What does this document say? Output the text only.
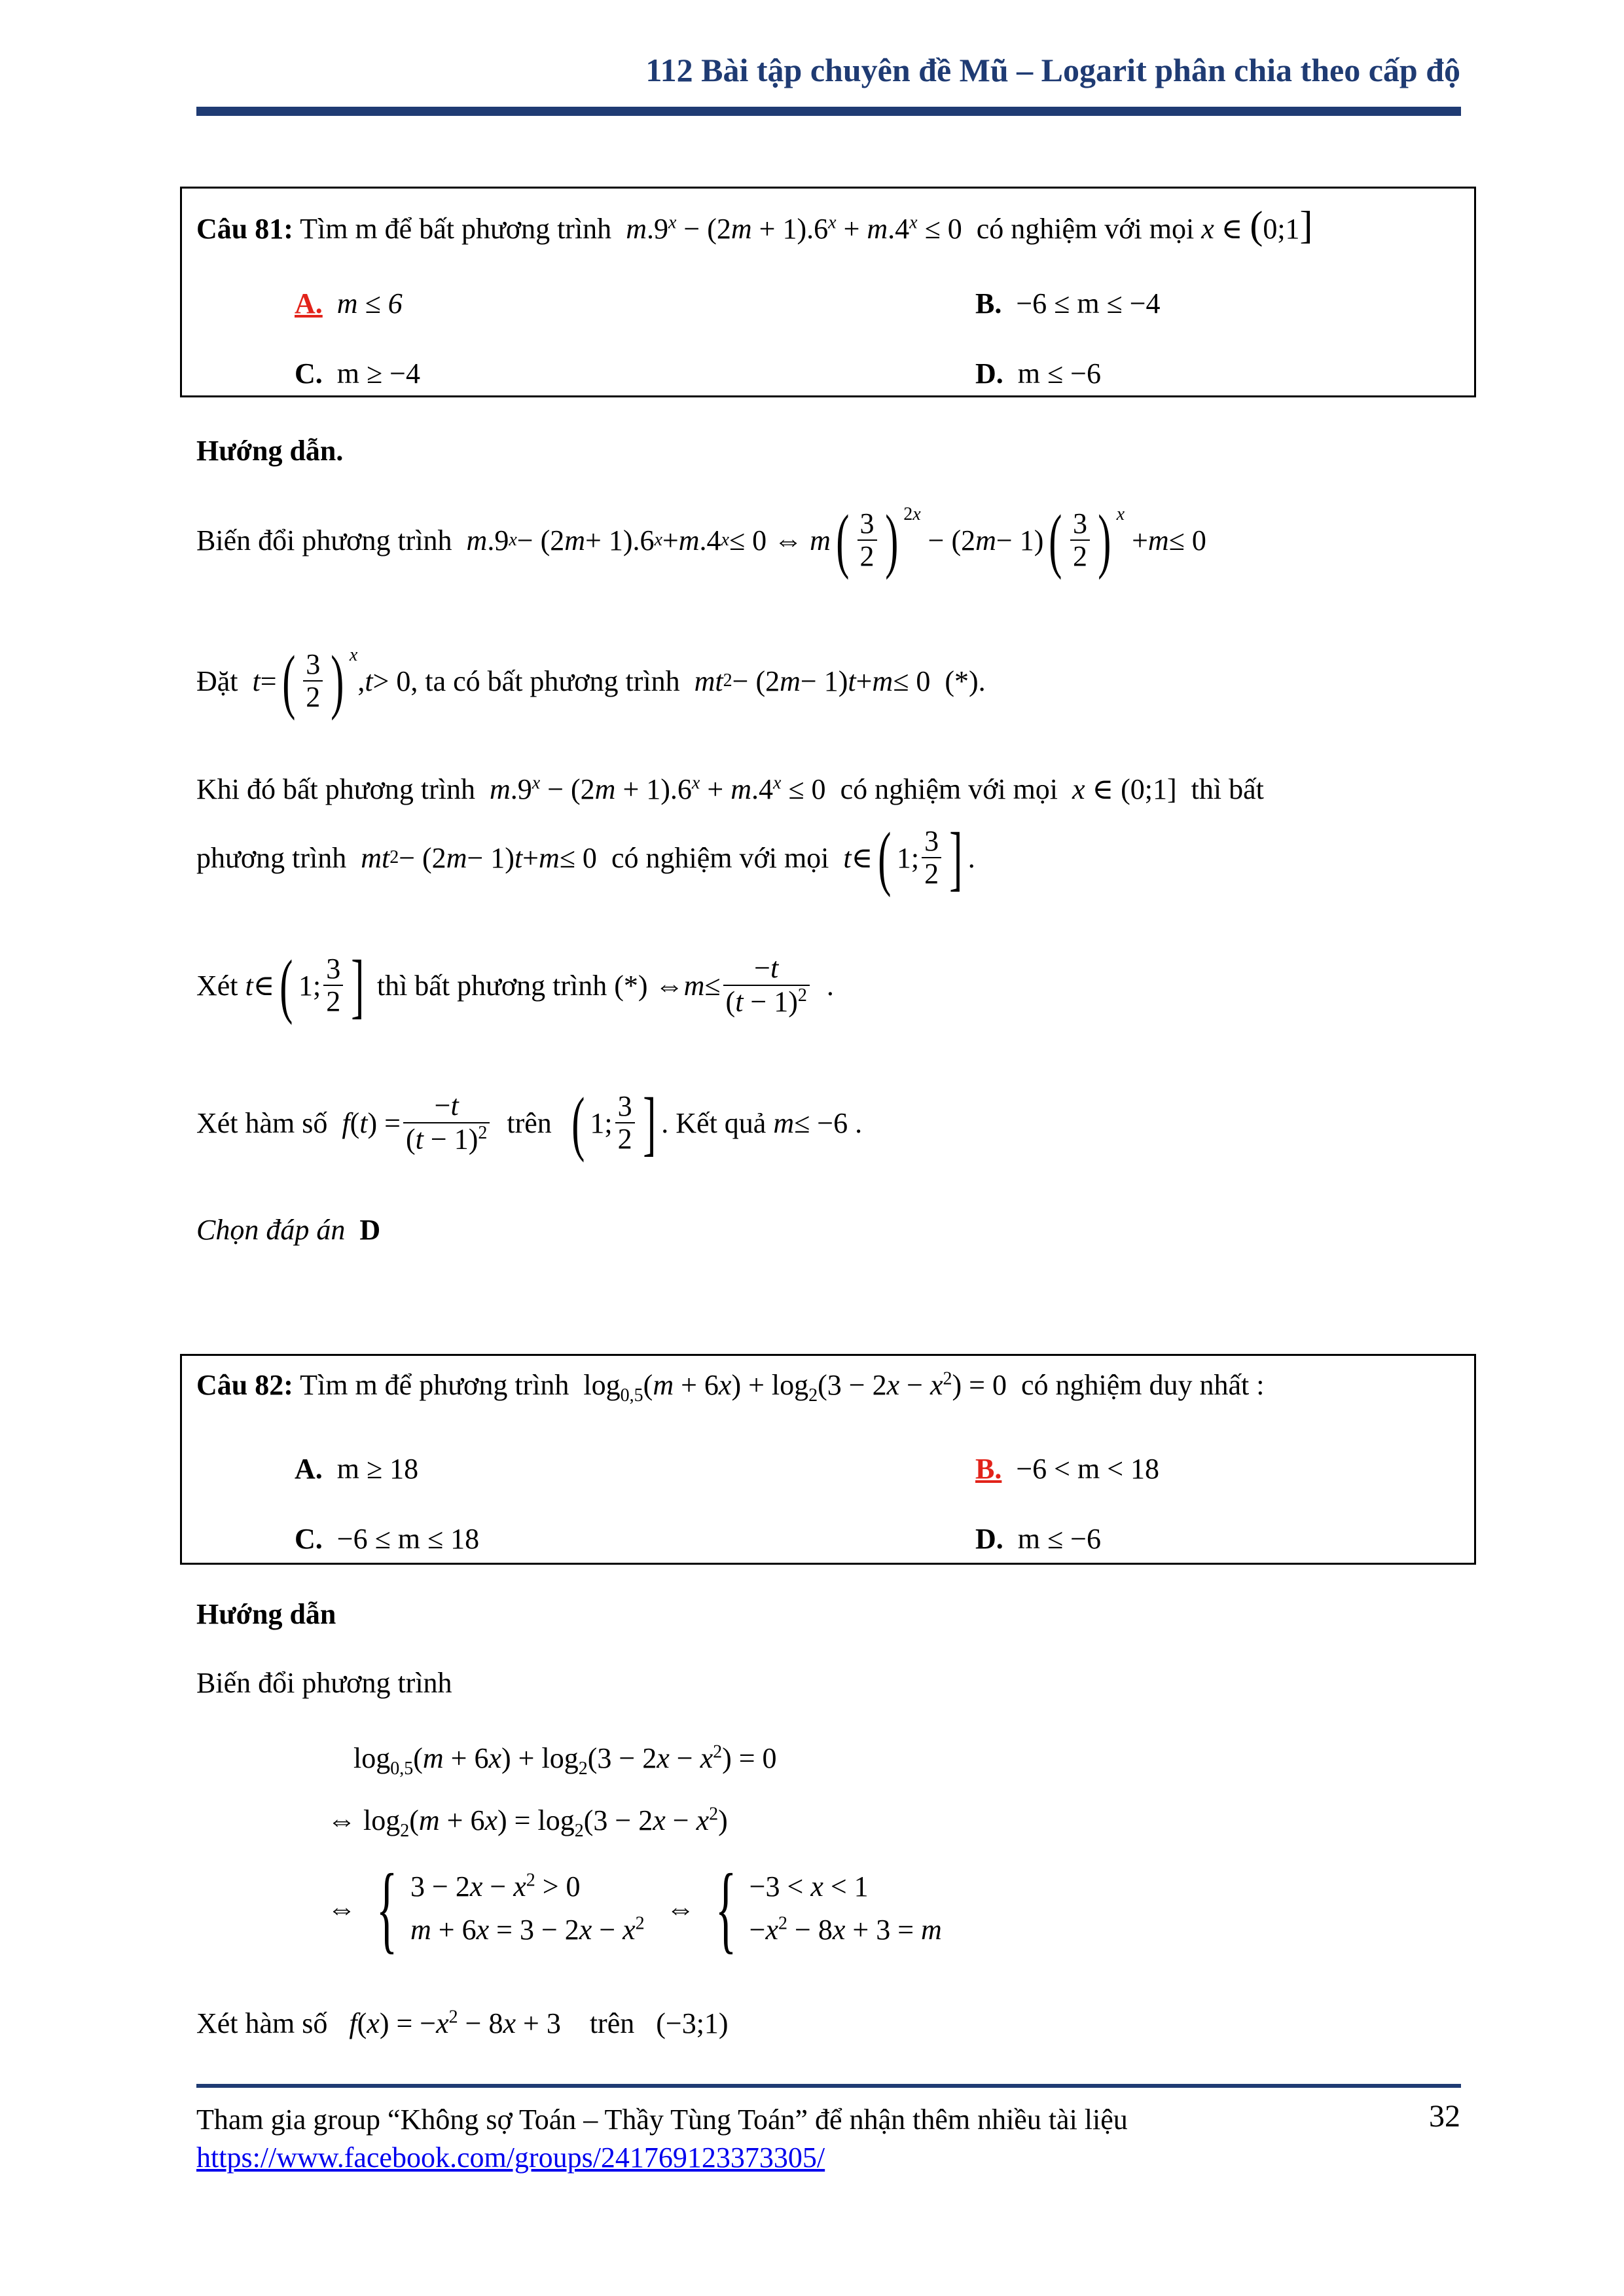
112 Bài tập chuyên đề Mũ – Logarit phân chia theo cấp độ
Câu 81: Tìm m để bất phương trình $m.9^x - (2m + 1).6^x + m.4^x \le 0$  có nghiệm với mọi x ∈ (0;1]
A. m ≤ 6	B. −6 ≤ m ≤ −4
C. m ≥ −4	D. m ≤ −6
Hướng dẫn.
Biến đổi phương trình
m .9 x − (2 m + 1).6 x + m .4 x ≤ 0 ⇔ m ( $\frac{3}{2}$ ) 2x
− (2 m − 1) ( $\frac{3}{2}$ ) x
+ m ≤ 0
Đặt
t = ( $\frac{3}{2}$ ) x
, t > 0 , ta có bất phương trình
mt 2 − (2 m − 1) t + m ≤ 0 (*).
Khi đó bất phương trình $m.9^x - (2m + 1).6^x + m.4^x \le 0$  có nghiệm với mọi x ∈ (0;1]  thì bất
phương trình
mt 2 − (2 m − 1) t + m ≤ 0 có nghiệm với mọi
t ∈ ( 1; $\frac{3}{2}$ ] .
Xét
t ∈ ( 1; $\frac{3}{2}$ ]
thì bất phương trình (*) ⇔ $m \le \frac{-t}{(t - 1)^2}$ .
Xét hàm số
f ( t ) = $\frac{-t}{(t - 1)^2}$
trên
( 1; $\frac{3}{2}$ ] . Kết quả
m ≤ −6 .
Chọn đáp án D
Câu 82: Tìm m để phương trình  $\log_{0,5}(m + 6x) + \log_2(3 - 2x - x^2) = 0$  có nghiệm duy nhất :
A. m ≥ 18	B. −6 < m < 18
C. −6 ≤ m ≤ 18	D. m ≤ −6
Hướng dẫn
Biến đổi phương trình
$\log_{0,5}(m + 6x) + \log_2(3 - 2x - x^2) = 0$
⇔ $\log_2(m + 6x) = \log_2(3 - 2x - x^2)$
⇔ { $3 - 2x - x^2 > 0$
$m + 6x = 3 - 2x - x^2$ ⇔ { −3 < x < 1
$-x^2 - 8x + 3 = m$
Xét hàm số $f(x) = -x^2 - 8x + 3$    trên   (−3;1)
Tham gia group “Không sợ Toán – Thầy Tùng Toán” để nhận thêm nhiều tài liệu	32
https://www.facebook.com/groups/241769123373305/
